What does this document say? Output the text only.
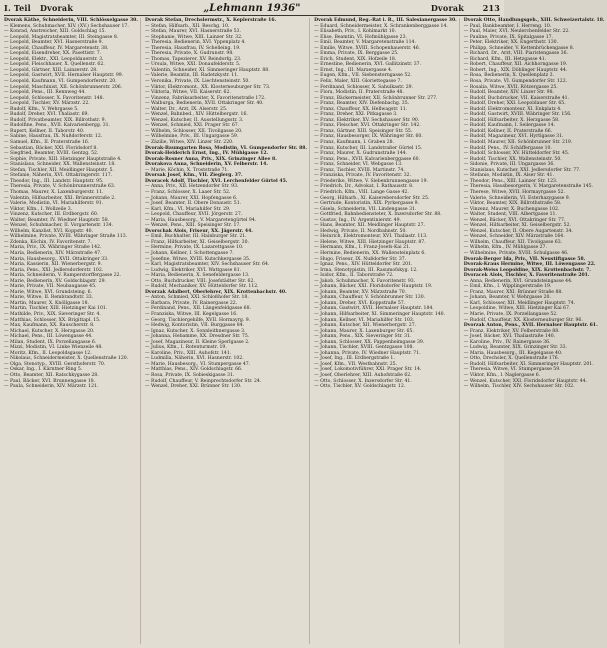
I. Teil	Dvorak	„Lehmann 1936"	Dvorak	213
Dvorak Käthe, Schneiderin, VIII. Schlösselgasse 30.
— Klemens, Schuhmacher, XIV. (XV.) Sechshauser 17.
— Konrad, Anstreicher, XIII. Goldschlag 15.
— Leopold, Magistratsbeamter, III. Steingasse 8.
— Leopold, Beamter, XVI. Hasnerstraße 9.
— Leopold, Chauffeur, IV. Margaretenstr. 38.
— Leopold, Eisendreher, XX. Pasettistr. 7.
— Leopold, Elektr., XXI. Leopoldauerstr. 3.
— Leopold, Fleischhauer, X. Quellenstr. 62.
— Leopold, Gärtner, XIII. Lainzerstr. 28.
— Leopold, Gastwirt, XVII. Hernalser Hauptstr. 99.
— Leopold, Kaufmann, VI. Gumpendorferstr. 20.
— Leopold, Maschinist, XII. Schönbrunnerstr. 206.
— Leopold, Pens., III. Rennweg 44.
— Leopold, Schlosser, X. Favoritenstr. 148.
— Leopold, Tischler, XV. Märzstr. 22.
— Rudolf, Kfm., V. Wehrgasse 5.
— Rudolf, Dreher, XVI. Thaliastr. 69.
— Rudolf, Privatbeamter, XIX. Billrothstr. 9.
— Rudolfine, Pens., XVII. Kalvarienbergg. 31.
— Rupert, Kellner, II. Taborstr. 40.
— Sabine, Hausfrau, IX. Nußdorferstr. 12.
— Samuel, Kfm., II. Praterstraße 16.
— Sebastian, Bäcker, XXI. Floridsdorf 8.
— Siegfried, Beamter, XVIII. Gentzg. 52.
— Sophie, Private, XIII. Hietzinger Hauptstraße 4.
— Stanislaus, Schneider, XX. Wallensteinstr. 18.
— Stefan, Tischler, XII. Meidlinger Hauptstr. 5.
— Stefanie, Näherin, XVI. Ottakringerstr. 117.
— Theodor, Ing., III. Landstr. Hauptstr. 95.
— Theresia, Private, V. Schönbrunnerstraße 63.
— Thomas, Maurer, X. Laxenburgerstr. 11.
— Valentin, Hilfsarbeiter, XXI. Brünnerstraße 2.
— Valerie, Modistin, VI. Mariahilferstr. 91.
— Viktor, Kfm., I. Wollzeile 3.
— Vinzenz, Kutscher, III. Erdbergstr. 60.
— Walter, Beamter, IV. Wiedner Hauptstr. 58.
— Wenzel, Schuhmacher, II. Vorgartenstr. 134.
— Wilhelm, Kanzlist, XVI. Koppstr. 40.
— Wilhelmine, Private, XVIII. Währinger Straße 113.
— Zdenka, Köchin, IV. Favoritenstr. 7.
— Maria, Priv., IX. Währinger Straße 142.
— Maria, Bedienerin, XIV. Märzstraße 47.
— Maria, Hausbesorg., XVII. Ottakringer 33.
— Maria, Kassierin, XII. Wienerbergstr. 9.
— Maria, Pens., XXI. Jedlersdorferstr. 102.
— Maria, Schneiderin, V. Ramperstorffergasse 22.
— Marie, Bedienerin, XV. Goldschlagstr. 29.
— Marie, Private, VII. Neubaugasse 45.
— Marie, Witwe, XVI. Grundsteing. 6.
— Marie, Witwe, II. Rembrandtstr. 33.
— Martin, Maurer, X. Knöllgasse 18.
— Martin, Tischler, XIII. Hietzinger Kai 101.
— Mathilde, Priv., XIX. Sieveringer Str. 4.
— Matthias, Schlosser, XX. Brigittapl. 15.
— Max, Kaufmann, XX. Rauscherstr. 8.
— Michael, Kutscher, X. Herzgasse 20.
— Michael, Pens., III. Löwengasse 44.
— Milan, Student, IX. Porzellangasse 6.
— Mizzi, Modistin, VI. Linke Wienzeile 48.
— Moritz, Kfm., II. Leopoldsgasse 12.
— Nikolaus, Schneidermeister, X. Quellenstraße 120.
— Olga, Stenotyp., XVIII. Gersthoferstr. 70.
— Oskar, Ing., I. Kärntner Ring 5.
— Otto, Beamter, XII. Ratschkygasse 28.
— Paul, Bäcker, XVI. Brunnengasse 18.
— Paula, Schneiderin, XIV. Märzstr. 121.
Dvorak Stefan, Drechslermstr., X. Keplerstraße 16.
— Stefan, Hilfsarb., XII. Reschg. 10.
— Stefan, Maurer, XVI. Hasnerstraße 53.
— Stephanie, Witwe, XIII. Lainzer Str. 32.
— Theresia, Bedienerin, XVI. Yppenplatz 4.
— Theresia, Hausfrau, IV. Schelleing. 19.
— Theresia, Private, X. Gudrunstr. 98.
— Thomas, Tapezierer, XV. Reindorfg. 23.
— Ursula, Witwe, XXI. Donaufelderstr. 5.
— Valentin, Schneider, XI. Simmeringer Hauptstr. 88.
— Valerie, Beamtin, III. Radetzkystr. 11.
— Veronika, Private, IX. Liechtensteinstr. 50.
— Viktor, Elektromont., XX. Klosterneuburger Str. 73.
— Viktoria, Witwe, VII. Kaiserstr. 62.
— Vinzenz, Fabriksarbeiter, X. Favoritenstraße 172.
— Walburga, Bedienerin, XVII. Ottakringer Str. 40.
— Walter, Dr., Arzt, IX. Alserstr. 25.
— Wenzel, Bahnbed., XIV. Hüttelbergstr. 16.
— Wenzel, Kutscher, II. Ausstellungsstr. 3.
— Wenzel, Schmied, XXI. Prager Str. 67.
— Wilhelm, Schlosser, XII. Tivoligasse 20.
— Wilhelmine, Priv., III. Ungargasse 59.
— Zäzilie, Witwe, XIV. Linzer Str. 220.
Dvorak-Baumgarten Rosa, Modistin, VI. Gumpendorfer Str. 88.
Dvorak-Heiderich Ernst, Ing., IV. Mühlgasse 12.
Dvorak-Rosner Anna, Priv., XIX. Grinzinger Allee 8.
Dvorakova Anna, Schneiderin, XV. Felberstr. 14.
— Marie, Köchin, X. Troststraße 71.
Dvorsak Josef, Kfm., VII. Zieglerg. 37.
Dvoracek Adolf, Tischler, XVI. Lerchenfelder Gürtel 45.
— Anna, Priv., XII. Hetzendorfer Str. 93.
— Franz, Schlosser, X. Laaer Str. 52.
— Johann, Maurer, XXI. Hopfengasse 6.
— Josef, Beamter, II. Obere Donaustr. 51.
— Karl, Kfm., VI. Mariahilfer Str. 29.
— Leopold, Chauffeur, XVII. Jörgerstr. 27.
— Maria, Hausbesorg., V. Margaretengürtel 94.
— Wenzel, Pens., XIII. Speisinger Str. 17.
Dvorschak Alois, Friseur, XX. Jägerstr. 44.
— Emil, Buchhalter, III. Hainburger Str. 21.
— Franz, Hilfsarbeiter, XI. Geiselbergstr. 30.
— Hermine, Private, IX. Lazarettgasse 10.
— Johann, Kellner, I. Schottengasse 7.
— Josefine, Witwe, XVIII. Kutschkergasse 35.
— Karl, Magistratsbeamter, XIV. Sechshauser Str. 64.
— Ludwig, Elektriker, XVI. Wattgasse 81.
— Maria, Bedienerin, X. Senefeldergasse 13.
— Otto, Buchdrucker, VIII. Josefstädter Str. 62.
— Rudolf, Mechaniker, XV. Hütteldorfer Str. 112.
Dvorzak Adalbert, Oberlehrer, XIX. Krottenbachstr. 40.
— Anton, Schmied, XXI. Schloßhofer Str. 18.
— Barbara, Private, IV. Rainergasse 22.
— Ferdinand, Pens., XII. Längenfeldgasse 68.
— Franziska, Witwe, III. Kegelgasse 16.
— Georg, Tischlergehilfe, XVII. Hormayrg. 9.
— Hedwig, Kontoristin, VII. Burggasse 84.
— Ignaz, Kutscher, X. Sonnleithnergasse 3.
— Johanna, Hebamme, XX. Dresdner Str. 75.
— Josef, Magazineur, II. Kleine Sperlgasse 2.
— Julius, Kfm., I. Rotenturmstr. 19.
— Karoline, Priv., XIII. Auhofstr. 141.
— Ludmilla, Näherin, XVI. Hasnerstr. 102.
— Marie, Hausbesorg., VI. Stumpergasse 47.
— Matthias, Pens., XIV. Goldschlagstr. 66.
— Rosa, Private, IX. Sobieskigasse 31.
— Rudolf, Chauffeur, V. Reinprechtsdorfer Str. 24.
— Wenzel, Dreher, XXI. Brünner Str. 130.
Dvorak Edmund, Reg.-Rat i. R., III. Salesianergasse 30.
— Eduard, Schneidermeister, X. Schrankenberggasse 14.
— Elisabeth, Priv., I. Kohlmarkt 10.
— Elise, Beamtin, VI. Hofmühlgasse 23.
— Emil, Beamter, V. Margaretenstraße 114.
— Emilie, Witwe, XVIII. Schopenhauerstr. 46.
— Emma, Private, IX. Berggasse 25.
— Erich, Student, XIX. Hofzeile 18.
— Ernestine, Bedienerin, XVI. Gallitzinstr. 37.
— Ernst, Ing., III. Marxergasse 4.
— Eugen, Kfm., VII. Siebensterngasse 52.
— Felix, Maler, XIII. Gloriettegasse 7.
— Ferdinand, Schlosser, X. Sahulkastr. 29.
— Flora, Modistin, II. Praterstraße 48.
— Franz, Bäckermeister, XII. Schönbrunner Str. 277.
— Franz, Beamter, XIV. Diefenbachg. 35.
— Franz, Chauffeur, XX. Hellwagstr. 11.
— Franz, Dreher, XXI. Pitkagasse 3.
— Franz, Elektriker, XV. Sechshauser Str. 90.
— Franz, Fleischer, XVI. Ottakringer Str. 142.
— Franz, Gärtner, XIII. Speisinger Str. 55.
— Franz, Hausbesorger, IX. Währinger Str. 60.
— Franz, Kaufmann, I. Graben 28.
— Franz, Kutscher, III. Landstraßer Gürtel 15.
— Franz, Maurer, X. Gudrunstraße 144.
— Franz, Pens., XVII. Kalvarienberggasse 60.
— Franz, Schneider, VI. Webgasse 13.
— Franz, Tischler, XVIII. Martinstr. 74.
— Franziska, Private, IV. Favoritenstr. 32.
— Friederike, Witwe, V. Siebenbrunnengasse 19.
— Friedrich, Dr., Advokat, I. Rathausstr. 8.
— Friedrich, Kfm., VIII. Lange Gasse 42.
— Georg, Hilfsarb., XI. Kaiserebersdorfer Str. 25.
— Gertrude, Kontoristin, XIX. Pyrkergasse 9.
— Gisela, Schneiderin, VII. Lindengasse 31.
— Gottfried, Bahnbediensteter, X. Inzersdorfer Str. 88.
— Gustav, Ing., IV. Argentinierstr. 49.
— Hans, Beamter, XII. Meidlinger Hauptstr. 27.
— Hedwig, Private, II. Nordbahnstr. 50.
— Heinrich, Elektromonteur, XVI. Thaliastr. 113.
— Helene, Witwe, XIII. Hietzinger Hauptstr. 87.
— Hermann, Kfm., I. Franz-Josefs-Kai 21.
— Hermine, Bedienerin, XX. Wallensteinplatz 6.
— Hugo, Friseur, IX. Nußdorfer Str. 37.
— Ignaz, Pens., XIV. Hütteldorfer Str. 201.
— Irma, Stenotypistin, III. Rasumofskyg. 12.
— Isidor, Kfm., II. Taborstraße 72.
— Jakob, Schuhmacher, X. Favoritenstr. 93.
— Johann, Bäcker, XXI. Floridsdorfer Hauptstr. 19.
— Johann, Beamter, XV. Märzstraße 70.
— Johann, Chauffeur, V. Schönbrunner Str. 130.
— Johann, Dreher, XVI. Koppstraße 57.
— Johann, Gastwirt, XVII. Hernalser Hauptstr. 184.
— Johann, Hilfsarbeiter, XI. Simmeringer Hauptstr. 140.
— Johann, Kellner, VI. Mariahilfer Str. 103.
— Johann, Kutscher, XII. Wienerbergstr. 27.
— Johann, Maurer, X. Laxenburger Str. 65.
— Johann, Pens., XIX. Sieveringer Str. 31.
— Johann, Schlosser, XX. Pappenheimgasse 39.
— Johann, Tischler, XVIII. Gentzgasse 108.
— Johanna, Private, IV. Wiedner Hauptstr. 71.
— Josef, Ing., III. Erdbergstraße 1.
— Josef, Kfm., VII. Westbahnstr. 25.
— Josef, Lokomotivführer, XXI. Prager Str. 14.
— Josef, Oberlehrer, XIII. Auhofstraße 62.
— Otto, Schlosser, X. Inzersdorfer Str. 41.
— Otto, Tischler, XV. Goldschlagstr. 12.
Dvorak Otto, Handlungsgeh., XIII. Schweizertalstr. 18.
— Paul, Bankbeamter, I. Herreng. 10.
— Paul, Maler, XVI. Neulerchenfelder Str. 22.
— Pauline, Private, IX. Spitalgasse 17.
— Peter, Elektriker, XX. Engerthstr. 130.
— Philipp, Schneider, V. Kettenbrückengasse 8.
— Richard, Dr., Arzt, VIII. Piaristengasse 36.
— Richard, Kfm., III. Hetzgasse 41.
— Robert, Chauffeur, XII. Aichhorngasse 19.
— Robert, Ing., XIX. Döblinger Hauptstr. 44.
— Rosa, Bedienerin, X. Quellenplatz 3.
— Rosa, Private, VI. Gumpendorfer Str. 122.
— Rosalia, Witwe, XVII. Rötzergasse 25.
— Rudolf, Beamter, XIV. Linzer Str. 98.
— Rudolf, Buchdrucker, VII. Kaiserstraße 41.
— Rudolf, Dreher, XXI. Leopoldauer Str. 65.
— Rudolf, Elektromonteur, XI. Enkplatz 4.
— Rudolf, Gastwirt, XVIII. Währinger Str. 156.
— Rudolf, Hilfsarbeiter, X. Herzgasse 58.
— Rudolf, Kaufmann, I. Seilergasse 14.
— Rudolf, Kellner, II. Praterstraße 66.
— Rudolf, Magazineur, XVI. Hyrtlgasse 31.
— Rudolf, Maurer, XII. Schönbrunner Str. 219.
— Rudolf, Pens., IV. Schäffergasse 10.
— Rudolf, Schlosser, XV. Hütteldorfer Str. 45.
— Rudolf, Tischler, XX. Wallensteinstr. 50.
— Sidonie, Private, III. Ungargasse 36.
— Stanislaus, Kutscher, XXI. Jedlersdorfer Str. 77.
— Stefanie, Modistin, IX. Alser Str. 41.
— Theodor, Pens., XIII. Lainzer Str. 123.
— Theresia, Hausbesorgerin, V. Margaretenstraße 145.
— Therese, Witwe, XVII. Hormayrgasse 52.
— Valerie, Schneiderin, VI. Esterhazygasse 9.
— Viktor, Beamter, XIX. Billrothstraße 58.
— Vinzenz, Maurer, X. Buchengasse 102.
— Walter, Student, VIII. Albertgasse 11.
— Wenzel, Bäcker, XVI. Ottakringer Str. 77.
— Wenzel, Hilfsarbeiter, XI. Geiselbergstr. 52.
— Wenzel, Kutscher, II. Obere Augartenstr. 34.
— Wenzel, Schneider, XIV. Märzstraße 164.
— Wilhelm, Chauffeur, XII. Tivoligasse 63.
— Wilhelm, Kfm., IV. Mühlgasse 27.
— Wilhelmine, Private, XVIII. Schulgasse 46.
Dvorak-Berger Ida, Priv., VII. Neustiftgasse 58.
Dvorak-Kraus Hermine, Witwe, III. Löwengasse 22.
Dvorak-Weiss Leopoldine, XIX. Krottenbachstr. 7.
Dvoracek Alois, Tischler, X. Favoritenstraße 201.
— Anna, Bedienerin, XVI. Grundsteingasse 44.
— Emil, Kfm., I. Wipplingerstraße 19.
— Franz, Maurer, XXI. Brünner Straße 88.
— Johann, Beamter, V. Wehrgasse 20.
— Karl, Schlosser, XII. Meidlinger Hauptstr. 74.
— Leopoldine, Witwe, XIII. Hietzinger Kai 67.
— Marie, Private, IX. Porzellangasse 52.
— Rudolf, Chauffeur, XX. Klosterneuburger Str. 96.
Dvorzak Anton, Pens., XVII. Hernalser Hauptstr. 61.
— Franz, Elektriker, XV. Felberstraße 88.
— Josef, Bäcker, XVI. Thaliastraße 140.
— Karoline, Priv., IV. Rainergasse 36.
— Ludwig, Beamter, XIX. Grinzinger Str. 33.
— Maria, Hausbesorg., III. Kegelgasse 40.
— Otto, Drechsler, X. Quellenstraße 176.
— Rudolf, Hilfsarbeiter, XI. Simmeringer Hauptstr. 201.
— Theresia, Witwe, VI. Stumpergasse 59.
— Viktor, Kfm., I. Naglergasse 6.
— Wenzel, Kutscher, XXI. Floridsdorfer Hauptstr. 44.
— Wilhelm, Tischler, XIV. Sechshauser Str. 102.
